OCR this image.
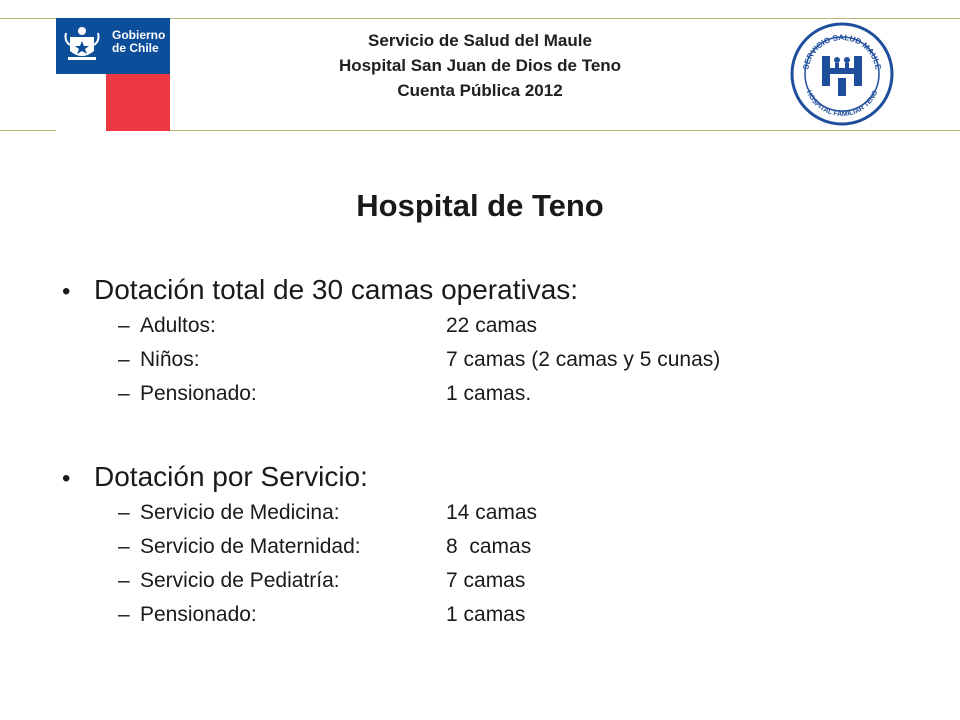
Gobierno
de Chile	Servicio de Salud del Maule
Hospital San Juan de Dios de Teno
Cuenta Pública 2012
SERVICIO SALUD MAULE
HOSPITAL FAMILIAR TENO
Hospital de Teno
• Dotación total de 30 camas operativas:
– Adultos:	22 camas
– Niños:	7 camas (2 camas y 5 cunas)
– Pensionado:	1 camas.
• Dotación por Servicio:
– Servicio de Medicina:	14 camas
– Servicio de Maternidad:	8  camas
– Servicio de Pediatría:	7 camas
– Pensionado:	1 camas
